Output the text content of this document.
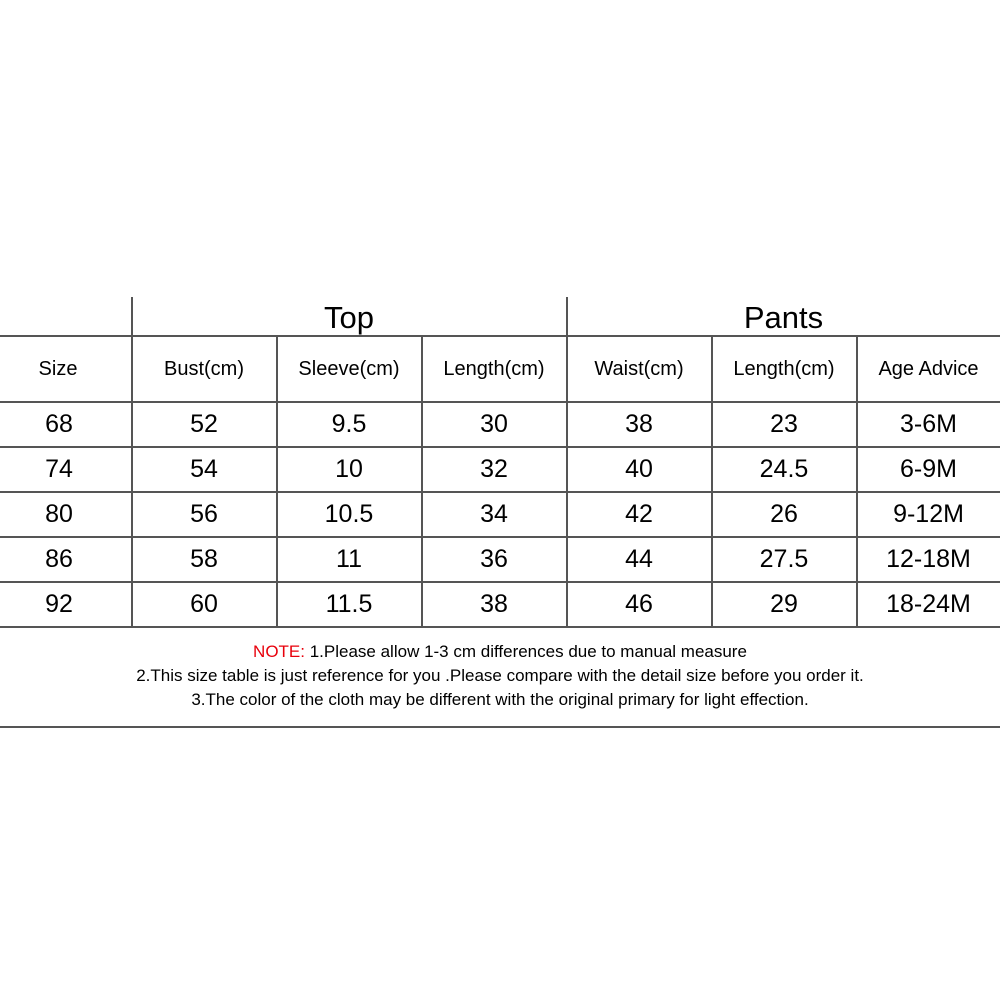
Top	Pants
Size	Bust(cm)	Sleeve(cm)	Length(cm)	Waist(cm)	Length(cm)	Age Advice
68	52	9.5	30	38	23	3-6M
74	54	10	32	40	24.5	6-9M
80	56	10.5	34	42	26	9-12M
86	58	11	36	44	27.5	12-18M
92	60	11.5	38	46	29	18-24M
NOTE: 1.Please allow 1-3 cm differences due to manual measure
2.This size table is just reference for you .Please compare with the detail size before you order it.
3.The color of the cloth may be different with the original primary for light effection.
